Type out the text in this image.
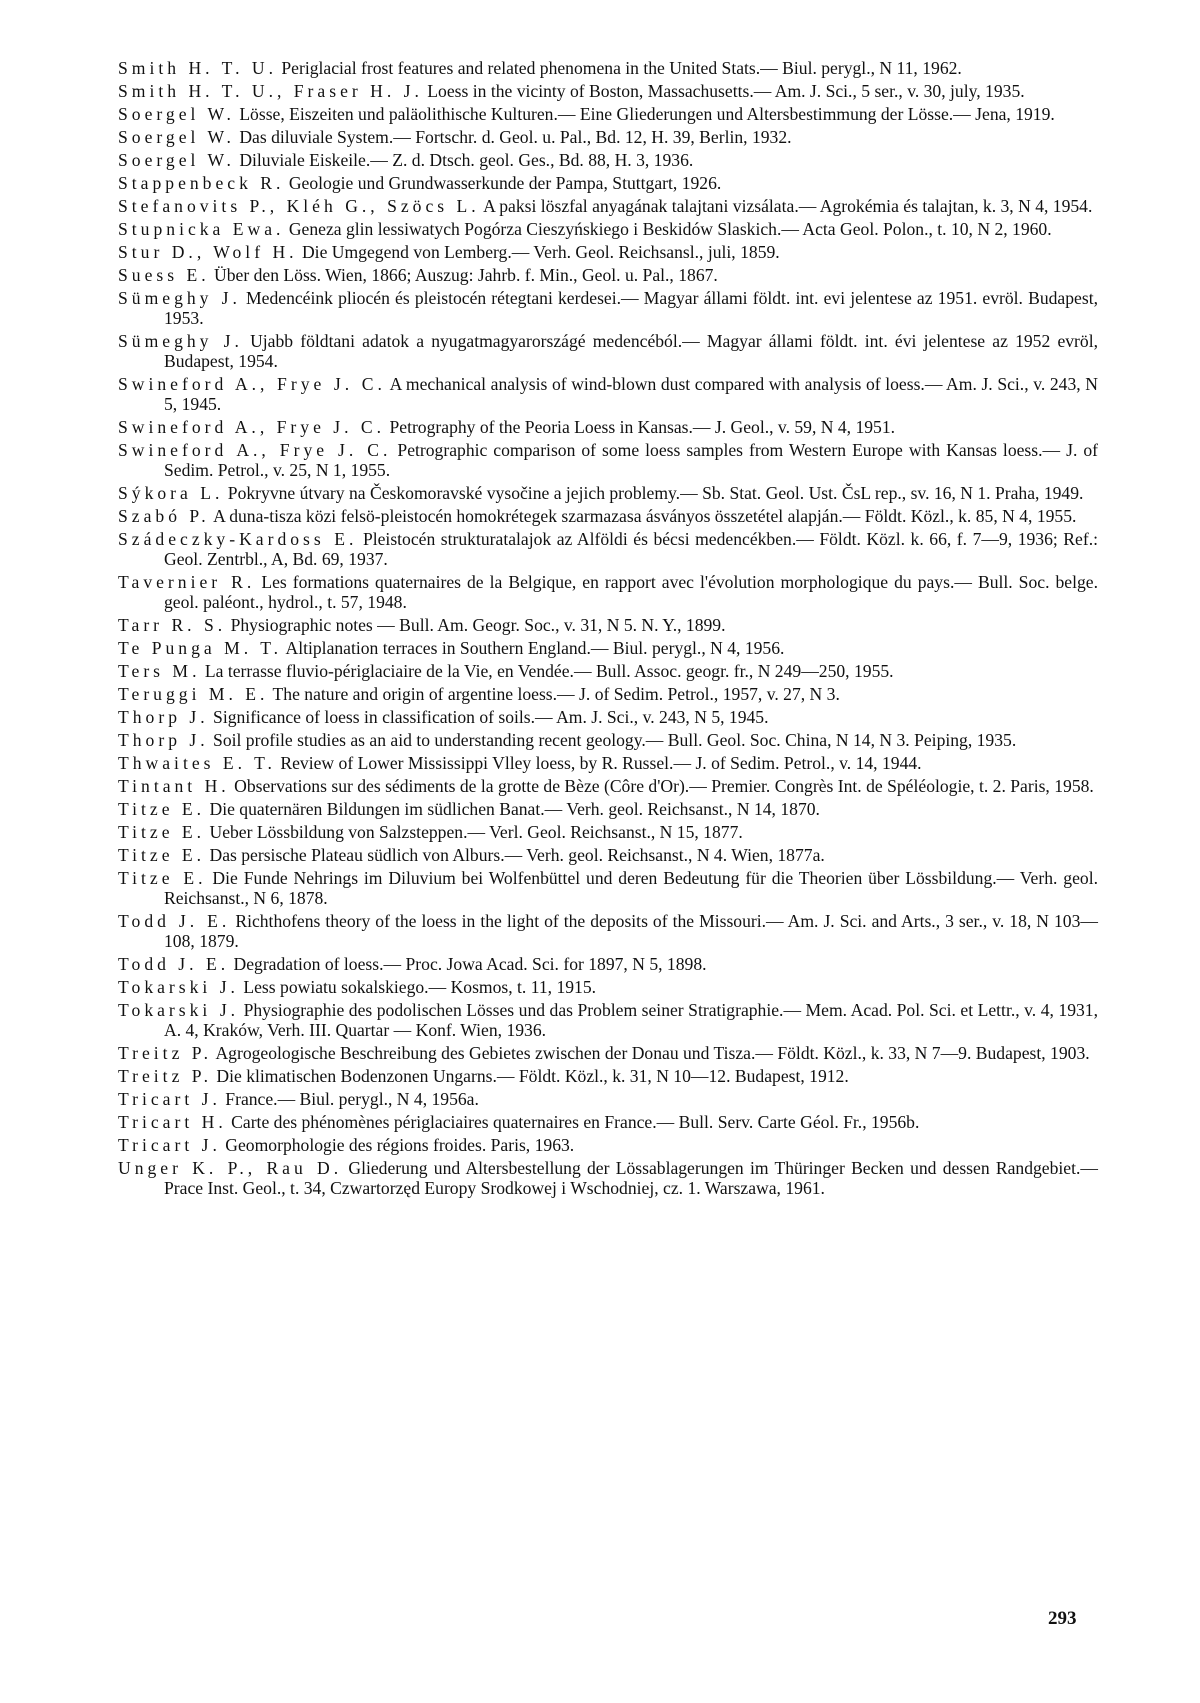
Smith H. T. U. Periglacial frost features and related phenomena in the United Stats.— Biul. perygl., N 11, 1962.

Smith H. T. U., Fraser H. J. Loess in the vicinty of Boston, Massachusetts.— Am. J. Sci., 5 ser., v. 30, july, 1935.

Soergel W. Lösse, Eiszeiten und paläolithische Kulturen.— Eine Gliederungen und Altersbestimmung der Lösse.— Jena, 1919.

Soergel W. Das diluviale System.— Fortschr. d. Geol. u. Pal., Bd. 12, H. 39, Berlin, 1932.

Soergel W. Diluviale Eiskeile.— Z. d. Dtsch. geol. Ges., Bd. 88, H. 3, 1936.

Stappenbeck R. Geologie und Grundwasserkunde der Pampa, Stuttgart, 1926.

Stefanovits P., Kléh G., Szöcs L. A paksi löszfal anyagának talajtani vizsálata.— Agrokémia és talajtan, k. 3, N 4, 1954.

Stupnicka Ewa. Geneza glin lessiwatych Pogórza Cieszyńskiego i Beskidów Slaskich.— Acta Geol. Polon., t. 10, N 2, 1960.

Stur D., Wolf H. Die Umgegend von Lemberg.— Verh. Geol. Reichsansl., juli, 1859.

Suess E. Über den Löss. Wien, 1866; Auszug: Jahrb. f. Min., Geol. u. Pal., 1867.

Sümeghy J. Medencéink pliocén és pleistocén rétegtani kerdesei.— Magyar állami földt. int. evi jelentese az 1951. evröl. Budapest, 1953.

Sümeghy J. Ujabb földtani adatok a nyugatmagyarországé medencéból.— Magyar állami földt. int. évi jelentese az 1952 evröl, Budapest, 1954.

Swineford A., Frye J. C. A mechanical analysis of wind-blown dust compared with analysis of loess.— Am. J. Sci., v. 243, N 5, 1945.

Swineford A., Frye J. C. Petrography of the Peoria Loess in Kansas.— J. Geol., v. 59, N 4, 1951.

Swineford A., Frye J. C. Petrographic comparison of some loess samples from Western Europe with Kansas loess.— J. of Sedim. Petrol., v. 25, N 1, 1955.

Sýkora L. Pokryvne útvary na Českomoravské vysočine a jejich problemy.— Sb. Stat. Geol. Ust. ČsL rep., sv. 16, N 1. Praha, 1949.

Szabó P. A duna-tisza közi felsö-pleistocén homokrétegek szarmazasa ásványos összetétel alapján.— Földt. Közl., k. 85, N 4, 1955.

Szádeczky-Kardoss E. Pleistocén strukturatalajok az Alföldi és bécsi medencékben.— Földt. Közl. k. 66, f. 7—9, 1936; Ref.: Geol. Zentrbl., A, Bd. 69, 1937.

Tavernier R. Les formations quaternaires de la Belgique, en rapport avec l'évolution morphologique du pays.— Bull. Soc. belge. geol. paléont., hydrol., t. 57, 1948.

Tarr R. S. Physiographic notes — Bull. Am. Geogr. Soc., v. 31, N 5. N. Y., 1899.

Te Punga M. T. Altiplanation terraces in Southern England.— Biul. perygl., N 4, 1956.

Ters M. La terrasse fluvio-périglaciaire de la Vie, en Vendée.— Bull. Assoc. geogr. fr., N 249—250, 1955.

Teruggi M. E. The nature and origin of argentine loess.— J. of Sedim. Petrol., 1957, v. 27, N 3.

Thorp J. Significance of loess in classification of soils.— Am. J. Sci., v. 243, N 5, 1945.

Thorp J. Soil profile studies as an aid to understanding recent geology.— Bull. Geol. Soc. China, N 14, N 3. Peiping, 1935.

Thwaites E. T. Review of Lower Mississippi Vlley loess, by R. Russel.— J. of Sedim. Petrol., v. 14, 1944.

Tintant H. Observations sur des sédiments de la grotte de Bèze (Côre d'Or).— Premier. Congrès Int. de Spéléologie, t. 2. Paris, 1958.

Titze E. Die quaternären Bildungen im südlichen Banat.— Verh. geol. Reichsanst., N 14, 1870.

Titze E. Ueber Lössbildung von Salzsteppen.— Verl. Geol. Reichsanst., N 15, 1877.

Titze E. Das persische Plateau südlich von Alburs.— Verh. geol. Reichsanst., N 4. Wien, 1877a.

Titze E. Die Funde Nehrings im Diluvium bei Wolfenbüttel und deren Bedeutung für die Theorien über Lössbildung.— Verh. geol. Reichsanst., N 6, 1878.

Todd J. E. Richthofens theory of the loess in the light of the deposits of the Missouri.— Am. J. Sci. and Arts., 3 ser., v. 18, N 103—108, 1879.

Todd J. E. Degradation of loess.— Proc. Jowa Acad. Sci. for 1897, N 5, 1898.

Tokarski J. Less powiatu sokalskiego.— Kosmos, t. 11, 1915.

Tokarski J. Physiographie des podolischen Lösses und das Problem seiner Stratigraphie.— Mem. Acad. Pol. Sci. et Lettr., v. 4, 1931, A. 4, Kraków, Verh. III. Quartar — Konf. Wien, 1936.

Treitz P. Agrogeologische Beschreibung des Gebietes zwischen der Donau und Tisza.— Földt. Közl., k. 33, N 7—9. Budapest, 1903.

Treitz P. Die klimatischen Bodenzonen Ungarns.— Földt. Közl., k. 31, N 10—12. Budapest, 1912.

Tricart J. France.— Biul. perygl., N 4, 1956a.

Tricart H. Carte des phénomènes périglaciaires quaternaires en France.— Bull. Serv. Carte Géol. Fr., 1956b.

Tricart J. Geomorphologie des régions froides. Paris, 1963.

Unger K. P., Rau D. Gliederung und Altersbestellung der Lössablagerungen im Thüringer Becken und dessen Randgebiet.— Prace Inst. Geol., t. 34, Czwartorzęd Europy Srodkowej i Wschodniej, cz. 1. Warszawa, 1961.

293
